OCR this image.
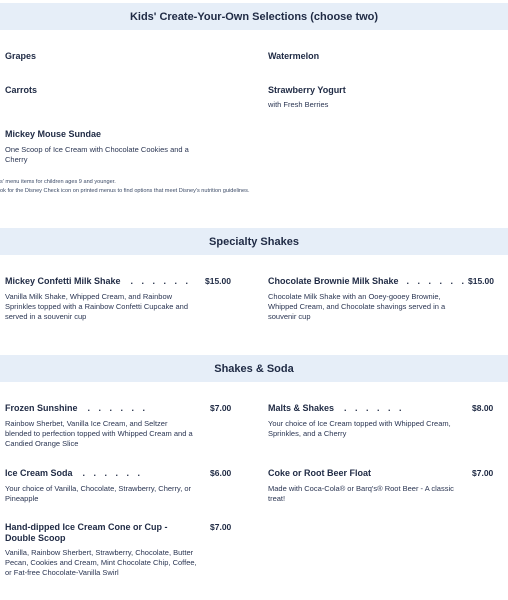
Kids' Create-Your-Own Selections (choose two)
Grapes	Watermelon
Carrots	Strawberry Yogurt
with Fresh Berries
Mickey Mouse Sundae
One Scoop of Ice Cream with Chocolate Cookies and a Cherry
s' menu items for children ages 9 and younger.
ok for the Disney Check icon on printed menus to find options that meet Disney's nutrition guidelines.
Specialty Shakes
Mickey Confetti Milk Shake . . . . . . $15.00
Vanilla Milk Shake, Whipped Cream, and Rainbow Sprinkles topped with a Rainbow Confetti Cupcake and served in a souvenir cup
Chocolate Brownie Milk Shake . . . . . . $15.00
Chocolate Milk Shake with an Ooey-gooey Brownie, Whipped Cream, and Chocolate shavings served in a souvenir cup
Shakes & Soda
Frozen Sunshine . . . . . .	$7.00
Rainbow Sherbet, Vanilla Ice Cream, and Seltzer blended to perfection topped with Whipped Cream and a Candied Orange Slice
Malts & Shakes . . . . . .	$8.00
Your choice of Ice Cream topped with Whipped Cream, Sprinkles, and a Cherry
Ice Cream Soda . . . . . .	$6.00
Your choice of Vanilla, Chocolate, Strawberry, Cherry, or Pineapple
Coke or Root Beer Float	$7.00
Made with Coca-Cola® or Barq's® Root Beer - A classic treat!
Hand-dipped Ice Cream Cone or Cup - Double Scoop
$7.00
Vanilla, Rainbow Sherbert, Strawberry, Chocolate, Butter Pecan, Cookies and Cream, Mint Chocolate Chip, Coffee, or Fat-free Chocolate-Vanilla Swirl
